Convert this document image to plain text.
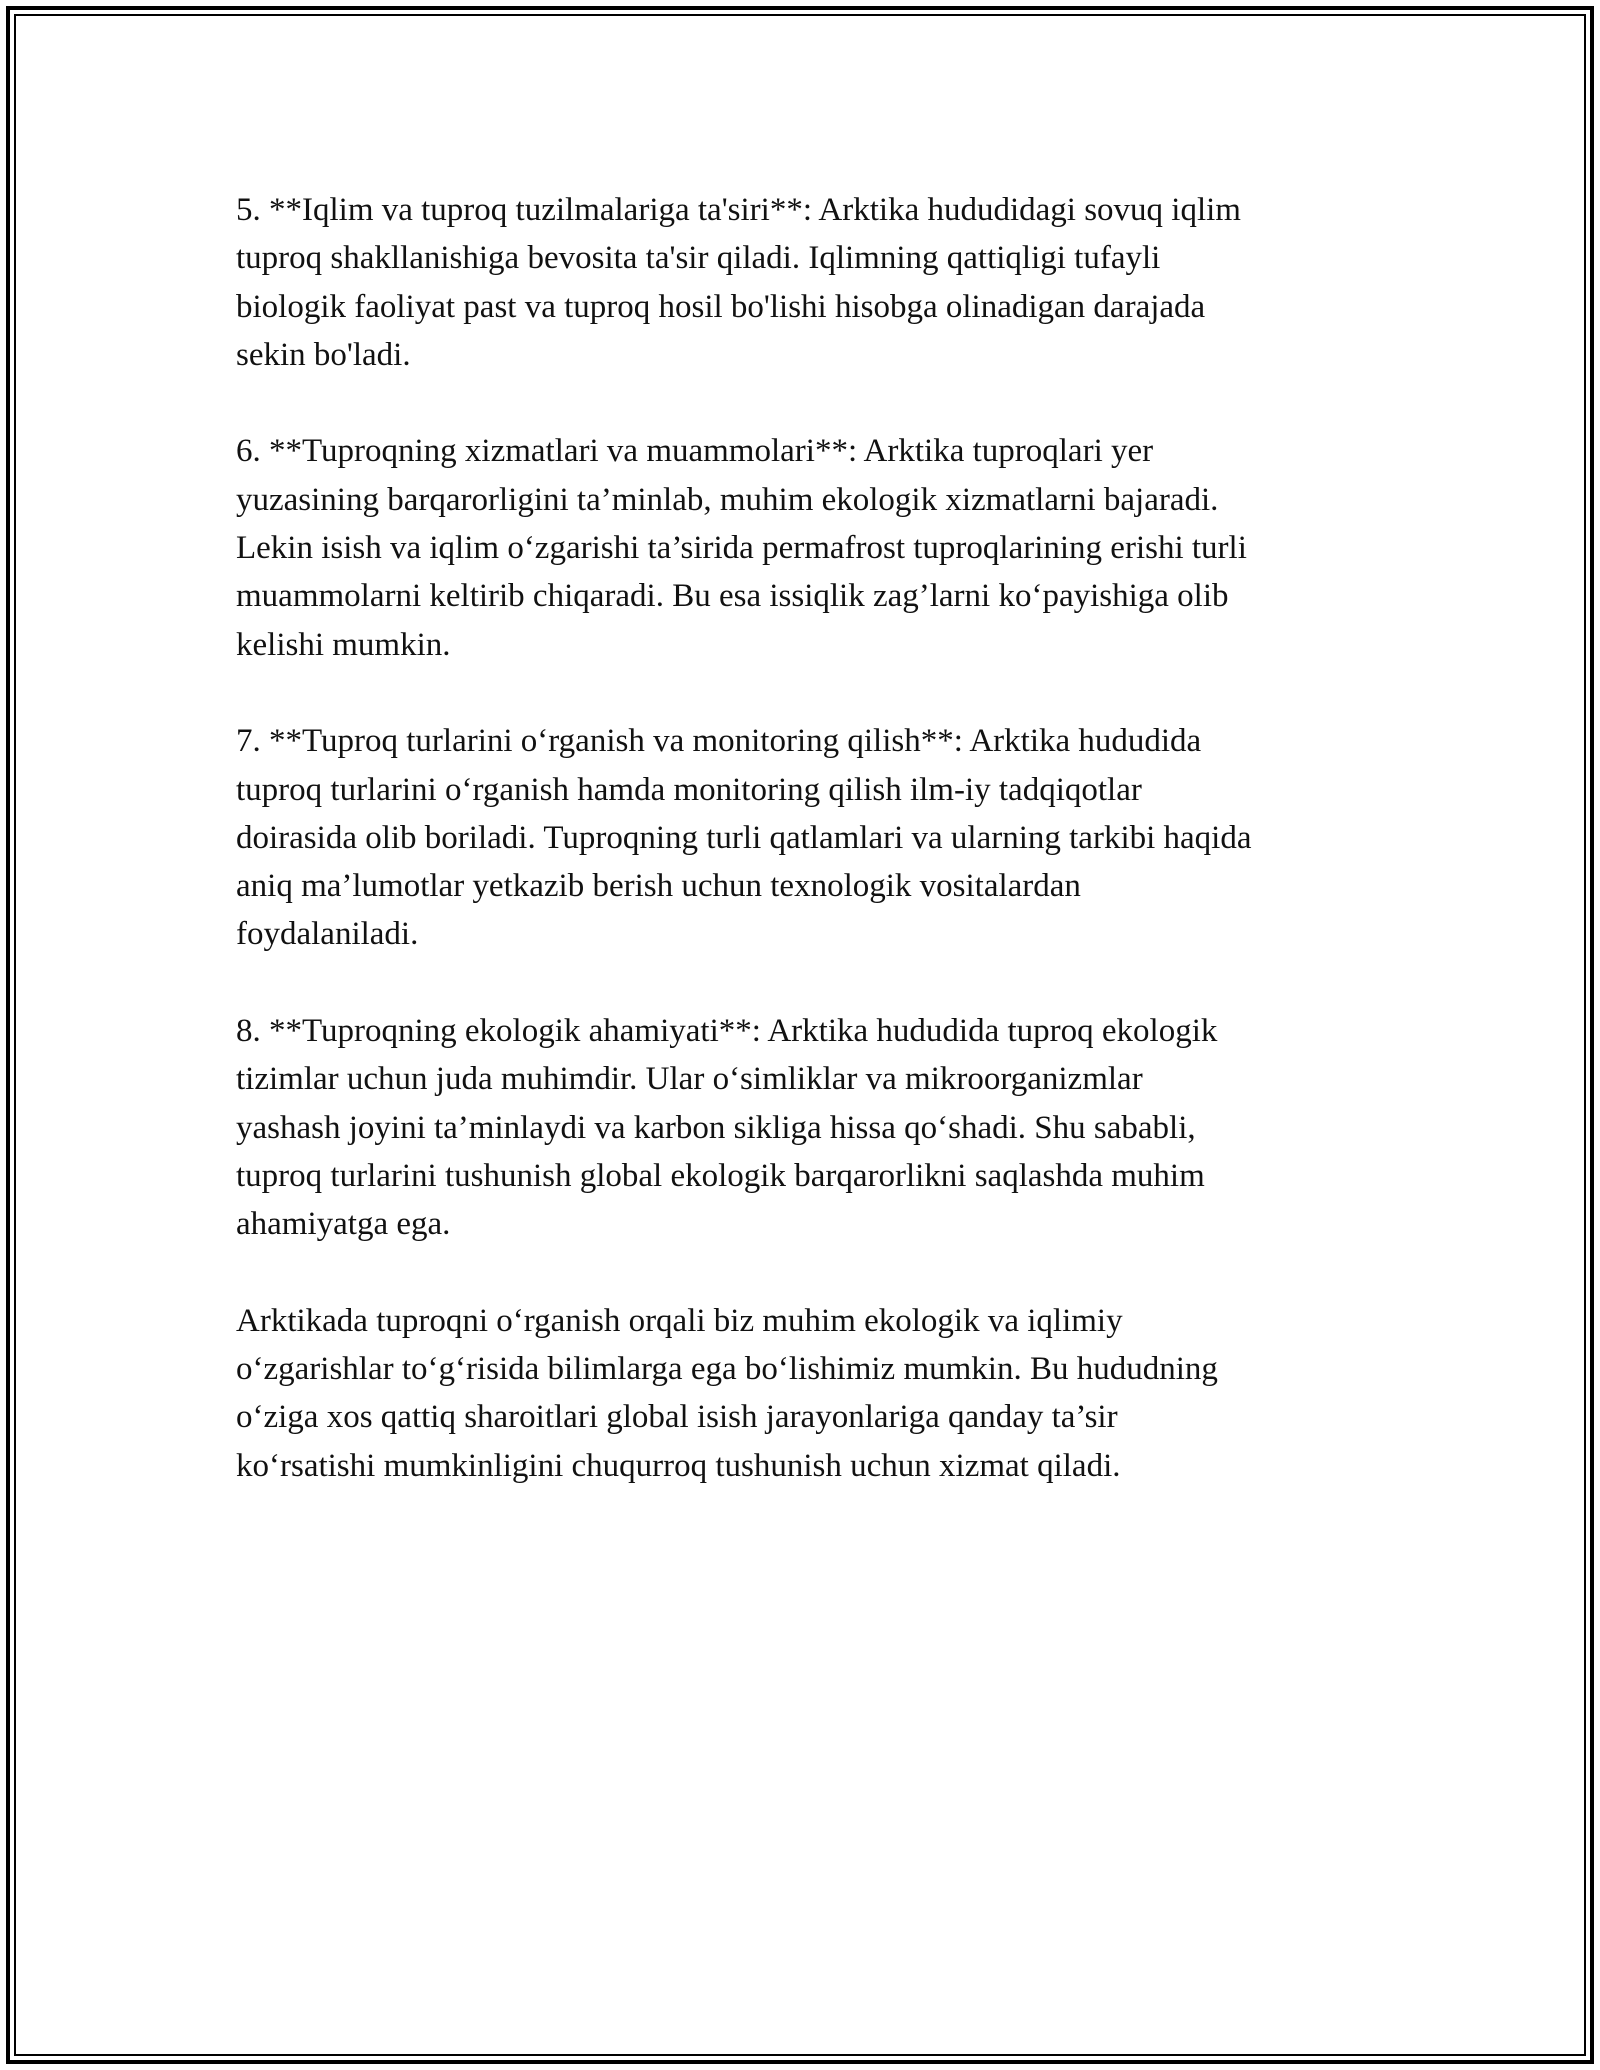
5. **Iqlim va tuproq tuzilmalariga ta'siri**: Arktika hududidagi sovuq iqlim
tuproq shakllanishiga bevosita ta'sir qiladi. Iqlimning qattiqligi tufayli
biologik faoliyat past va tuproq hosil bo'lishi hisobga olinadigan darajada
sekin bo'ladi.

6. **Tuproqning xizmatlari va muammolari**: Arktika tuproqlari yer
yuzasining barqarorligini ta’minlab, muhim ekologik xizmatlarni bajaradi.
Lekin isish va iqlim o‘zgarishi ta’sirida permafrost tuproqlarining erishi turli
muammolarni keltirib chiqaradi. Bu esa issiqlik zag’larni ko‘payishiga olib
kelishi mumkin.

7. **Tuproq turlarini o‘rganish va monitoring qilish**: Arktika hududida
tuproq turlarini o‘rganish hamda monitoring qilish ilm-iy tadqiqotlar
doirasida olib boriladi. Tuproqning turli qatlamlari va ularning tarkibi haqida
aniq ma’lumotlar yetkazib berish uchun texnologik vositalardan
foydalaniladi.

8. **Tuproqning ekologik ahamiyati**: Arktika hududida tuproq ekologik
tizimlar uchun juda muhimdir. Ular o‘simliklar va mikroorganizmlar
yashash joyini ta’minlaydi va karbon sikliga hissa qo‘shadi. Shu sababli,
tuproq turlarini tushunish global ekologik barqarorlikni saqlashda muhim
ahamiyatga ega.

Arktikada tuproqni o‘rganish orqali biz muhim ekologik va iqlimiy
o‘zgarishlar to‘g‘risida bilimlarga ega bo‘lishimiz mumkin. Bu hududning
o‘ziga xos qattiq sharoitlari global isish jarayonlariga qanday ta’sir
ko‘rsatishi mumkinligini chuqurroq tushunish uchun xizmat qiladi.
